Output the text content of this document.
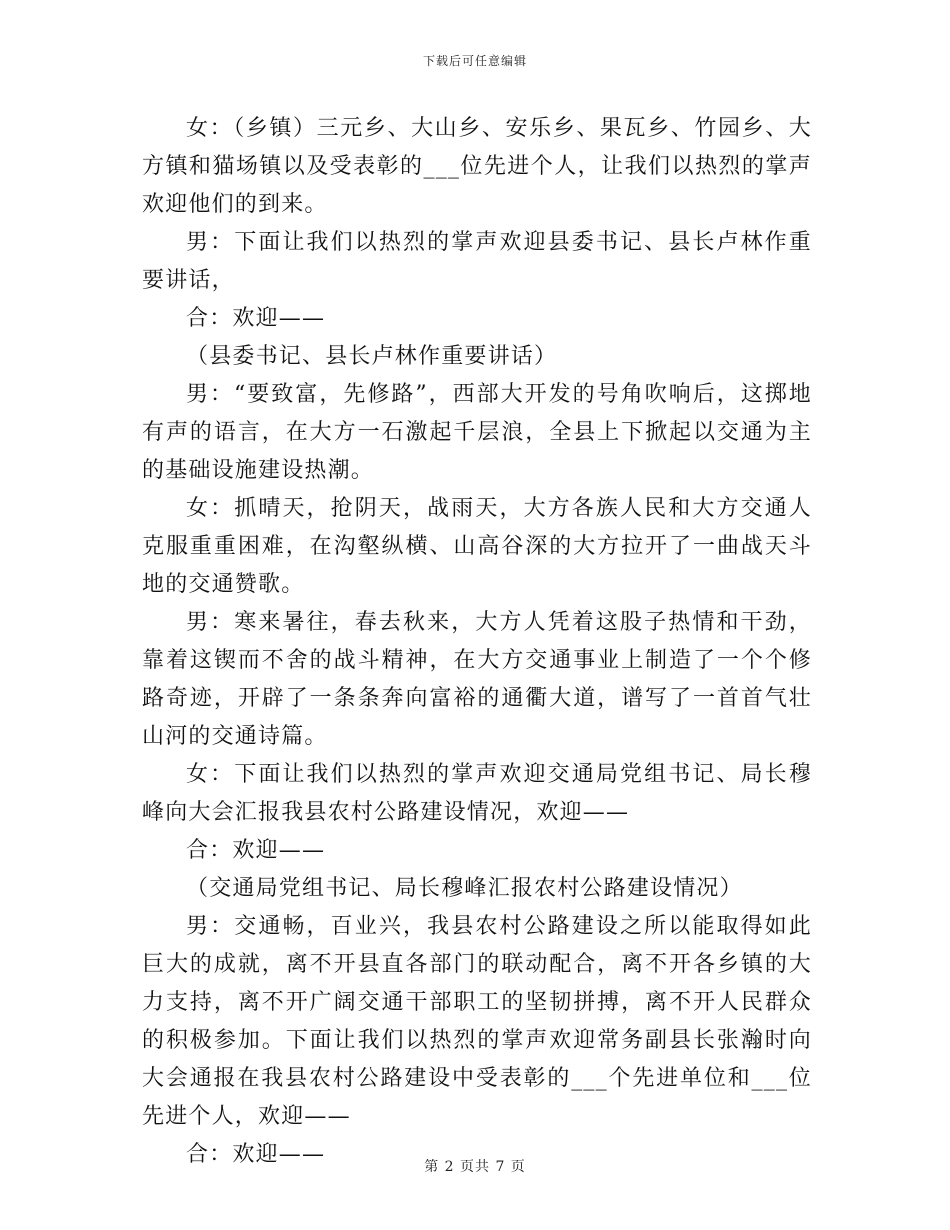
下载后可任意编辑

女：（乡镇）三元乡、大山乡、安乐乡、果瓦乡、竹园乡、大方镇和猫场镇以及受表彰的___位先进个人，让我们以热烈的掌声欢迎他们的到来。

男：下面让我们以热烈的掌声欢迎县委书记、县长卢林作重要讲话，

合：欢迎——

（县委书记、县长卢林作重要讲话）

男：“要致富，先修路”，西部大开发的号角吹响后，这掷地有声的语言，在大方一石激起千层浪，全县上下掀起以交通为主的基础设施建设热潮。

女：抓晴天，抢阴天，战雨天，大方各族人民和大方交通人克服重重困难，在沟壑纵横、山高谷深的大方拉开了一曲战天斗地的交通赞歌。

男：寒来暑往，春去秋来，大方人凭着这股子热情和干劲，靠着这锲而不舍的战斗精神，在大方交通事业上制造了一个个修路奇迹，开辟了一条条奔向富裕的通衢大道，谱写了一首首气壮山河的交通诗篇。

女：下面让我们以热烈的掌声欢迎交通局党组书记、局长穆峰向大会汇报我县农村公路建设情况，欢迎——

合：欢迎——

（交通局党组书记、局长穆峰汇报农村公路建设情况）

男：交通畅，百业兴，我县农村公路建设之所以能取得如此巨大的成就，离不开县直各部门的联动配合，离不开各乡镇的大力支持，离不开广阔交通干部职工的坚韧拼搏，离不开人民群众的积极参加。下面让我们以热烈的掌声欢迎常务副县长张瀚时向大会通报在我县农村公路建设中受表彰的___个先进单位和___位先进个人，欢迎——

合：欢迎——	第 2 页共 7 页
